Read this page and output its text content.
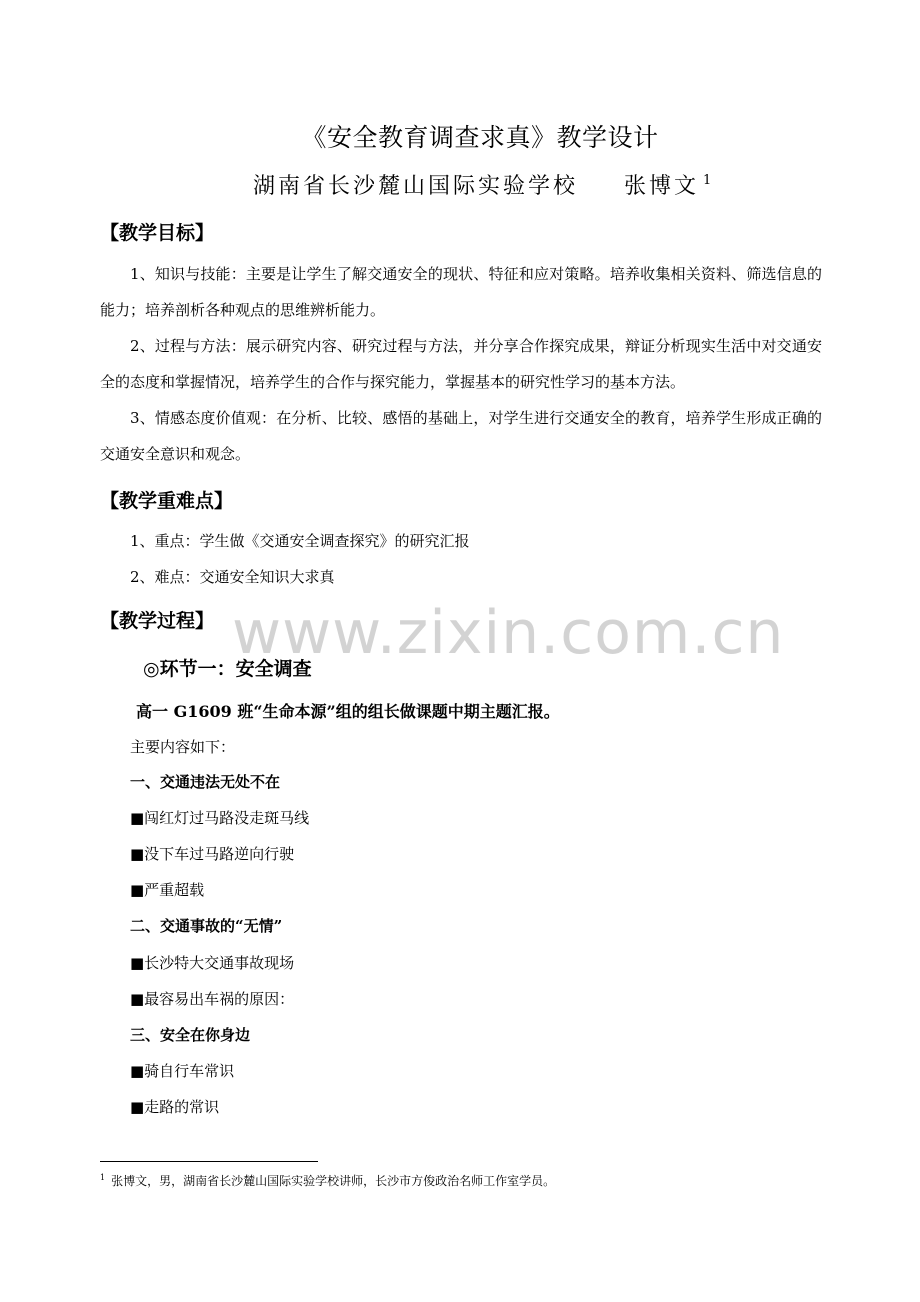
《安全教育调查求真》教学设计
湖南省长沙麓山国际实验学校 张博文 $^1$
【教学目标】
1、知识与技能：主要是让学生了解交通安全的现状、特征和应对策略。培养收集相关资料、筛选信息的能力；培养剖析各种观点的思维辨析能力。
2、过程与方法：展示研究内容、研究过程与方法，并分享合作探究成果，辩证分析现实生活中对交通安全的态度和掌握情况，培养学生的合作与探究能力，掌握基本的研究性学习的基本方法。
3、情感态度价值观：在分析、比较、感悟的基础上，对学生进行交通安全的教育，培养学生形成正确的交通安全意识和观念。
【教学重难点】
1、重点：学生做《交通安全调查探究》的研究汇报
2、难点：交通安全知识大求真
www.zixin.com.cn
【教学过程】
◎环节一：安全调查
高一 G1609 班“生命本源”组的组长做课题中期主题汇报。
主要内容如下：
一、交通违法无处不在
■闯红灯过马路没走斑马线
■没下车过马路逆向行驶
■严重超载
二、交通事故的“无情”
■长沙特大交通事故现场
■最容易出车祸的原因：
三、安全在你身边
■骑自行车常识
■走路的常识
$^1$ 张博文，男，湖南省长沙麓山国际实验学校讲师，长沙市方俊政治名师工作室学员。
